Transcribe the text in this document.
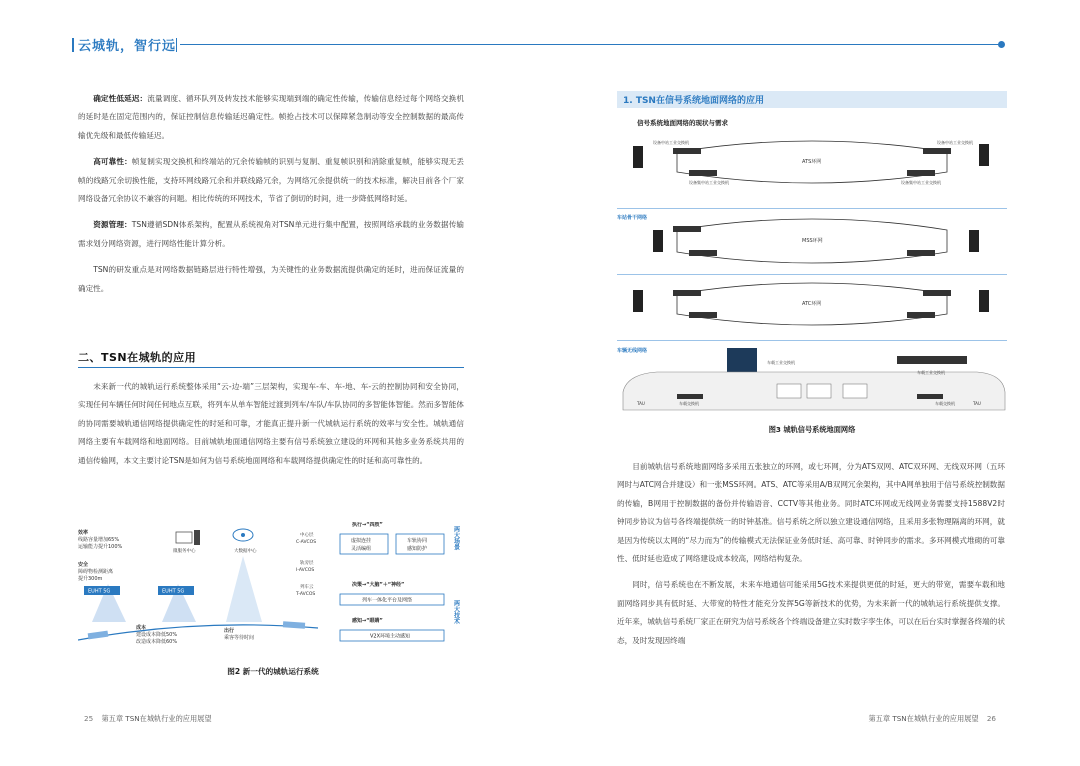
云城轨，智行远

确定性低延迟：流量调度、循环队列及转发技术能够实现端到端的确定性传输，传输信息经过每个网络交换机的延时是在固定范围内的，保证控制信息传输延迟确定性。帧抢占技术可以保障紧急制动等安全控制数据的最高传输优先级和最低传输延迟。

高可靠性：帧复制实现交换机和终端站的冗余传输帧的识别与复制、重复帧识别和消除重复帧，能够实现无丢帧的线路冗余切换性能，支持环网线路冗余和并联线路冗余，为网络冗余提供统一的技术标准，解决目前各个厂家网络设备冗余协议不兼容的问题。相比传统的环网技术，节省了倒切的时间，进一步降低网络时延。

资源管理：TSN遵循SDN体系架构，配置从系统视角对TSN单元进行集中配置，按照网络承载的业务数据传输需求划分网络资源，进行网络性能计算分析。

TSN的研发重点是对网络数据链路层进行特性增强，为关键性的业务数据流提供确定的延时，进而保证流量的确定性。

二、TSN在城轨的应用

未来新一代的城轨运行系统整体采用“云-边-端”三层架构，实现车-车、车-地、车-云的控制协同和安全协同，实现任何车辆任何时间任何地点互联，将列车从单车智能过渡到列车/车队/车队协同的多智能体智能。然而多智能体的协同需要城轨通信网络提供确定性的时延和可靠，才能真正提升新一代城轨运行系统的效率与安全性。城轨通信网络主要有车载网络和地面网络。目前城轨地面通信网络主要有信号系统独立建设的环网和其他多业务系统共用的通信传输网，本文主要讨论TSN是如何为信号系统地面网络和车载网络提供确定性的时延和高可靠性的。

效率
线路容量增加65%
运输能力提升100%
安全
障碍物检测距离
提升300m
成本
建设成本降低50%
改造成本降低60%
出行
乘客等待时间
微服务中心	大数据中心
EUHT 5G	EUHT 5G
中心层
C-AVCOS
轨旁层
I-AVCOS
列车云
T-AVCOS
执行→“四肢”
虚拟连挂
灵活编组
车轨协同
感知防护
决策→“大脑”＋“神经”
列车一体化平台及网络
感知→“眼睛”
V2X环境主动感知
两大场景
两大技术
图2 新一代的城轨运行系统
1. TSN在信号系统地面网络的应用
信号系统地面网络的现状与需求
ATS环网
设备中站工业交换机	设备中站工业交换机
设备集中站工业交换机	设备集中站工业交换机
车站骨干网络
MSS环网
ATC环网
车辆无线网络
车载工业交换机
车载工业交换机
TAU	车载交换机	车载交换机	TAU
图3 城轨信号系统地面网络

目前城轨信号系统地面网络多采用五张独立的环网，或七环网，分为ATS双网、ATC双环网、无线双环网（五环网时与ATC网合并建设）和一张MSS环网。ATS、ATC等采用A/B双网冗余架构，其中A网单独用于信号系统控制数据的传输，B网用于控制数据的备份并传输语音、CCTV等其他业务。同时ATC环网或无线网业务需要支持1588V2时钟同步协议为信号各终端提供统一的时钟基准。信号系统之所以独立建设通信网络，且采用多张物理隔离的环网，就是因为传统以太网的“尽力而为”的传输模式无法保证业务低时延、高可靠、时钟同步的需求。多环网模式堆砌的可靠性、低时延也造成了网络建设成本较高，网络结构复杂。

同时，信号系统也在不断发展，未来车地通信可能采用5G技术来提供更低的时延，更大的带宽，需要车载和地面网络同步具有低时延、大带宽的特性才能充分发挥5G等新技术的优势，为未来新一代的城轨运行系统提供支撑。近年来，城轨信号系统厂家正在研究为信号系统各个终端设备建立实时数字孪生体，可以在后台实时掌握各终端的状态，及时发现因终端

25 第五章 TSN在城轨行业的应用展望	第五章 TSN在城轨行业的应用展望 26
